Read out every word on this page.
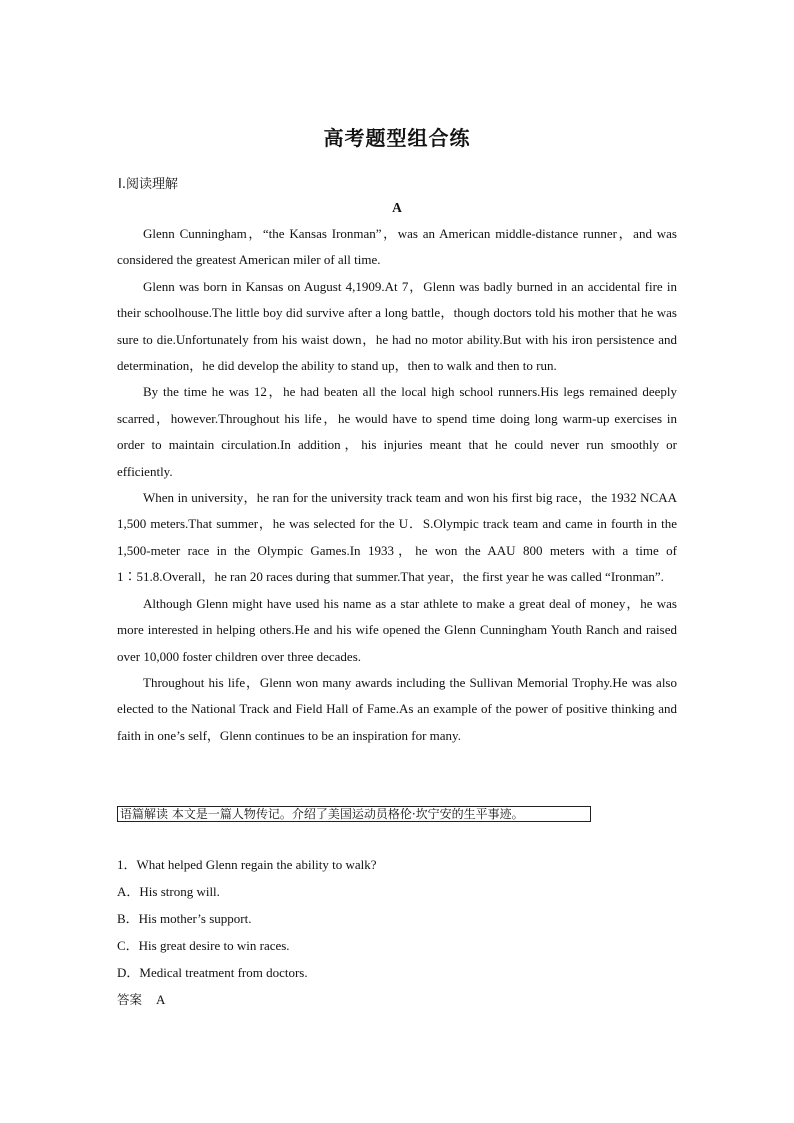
高考题型组合练
Ⅰ.阅读理解
A

Glenn Cunningham，“the Kansas Ironman”，was an American middle-distance runner，and was considered the greatest American miler of all time.

Glenn was born in Kansas on August 4,1909.At 7，Glenn was badly burned in an accidental fire in their schoolhouse.The little boy did survive after a long battle，though doctors told his mother that he was sure to die.Unfortunately from his waist down，he had no motor ability.But with his iron persistence and determination，he did develop the ability to stand up，then to walk and then to run.

By the time he was 12，he had beaten all the local high school runners.His legs remained deeply scarred，however.Throughout his life，he would have to spend time doing long warm-up exercises in order to maintain circulation.In addition，his injuries meant that he could never run smoothly or efficiently.

When in university，he ran for the university track team and won his first big race，the 1932 NCAA 1,500 meters.That summer，he was selected for the U．S.Olympic track team and came in fourth in the 1,500-meter race in the Olympic Games.In 1933，he won the AAU 800 meters with a time of 1∶51.8.Overall，he ran 20 races during that summer.That year，the first year he was called “Ironman”.

Although Glenn might have used his name as a star athlete to make a great deal of money，he was more interested in helping others.He and his wife opened the Glenn Cunningham Youth Ranch and raised over 10,000 foster children over three decades.

Throughout his life，Glenn won many awards including the Sullivan Memorial Trophy.He was also elected to the National Track and Field Hall of Fame.As an example of the power of positive thinking and faith in one’s self，Glenn continues to be an inspiration for many.

语篇解读 本文是一篇人物传记。介绍了美国运动员格伦·坎宁安的生平事迹。
1．What helped Glenn regain the ability to walk?
A．His strong will.
B．His mother’s support.
C．His great desire to win races.
D．Medical treatment from doctors.
答案 A
